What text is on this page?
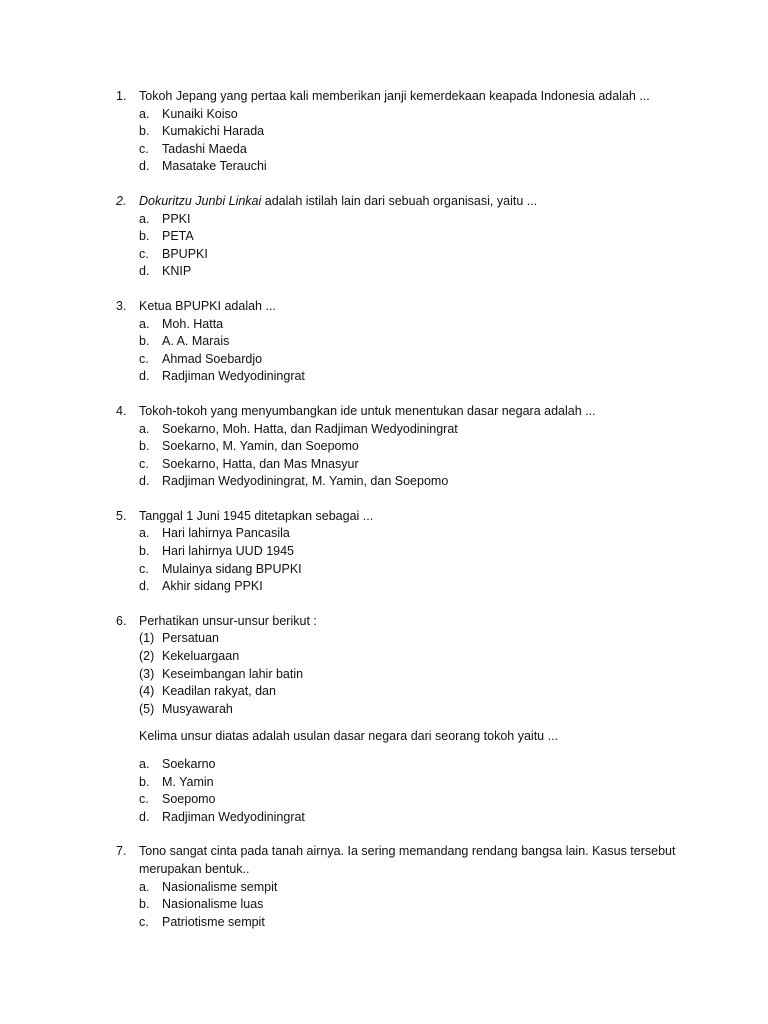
1.	Tokoh Jepang yang pertaa kali memberikan janji kemerdekaan keapada Indonesia adalah ...
a.	Kunaiki Koiso
b.	Kumakichi Harada
c.	Tadashi Maeda
d.	Masatake Terauchi
2.	Dokuritzu Junbi Linkai adalah istilah lain dari sebuah organisasi, yaitu ...
a.	PPKI
b.	PETA
c.	BPUPKI
d.	KNIP
3.	Ketua BPUPKI adalah ...
a.	Moh. Hatta
b.	A. A. Marais
c.	Ahmad Soebardjo
d.	Radjiman Wedyodiningrat
4.	Tokoh-tokoh yang menyumbangkan ide untuk menentukan dasar negara adalah ...
a.	Soekarno, Moh. Hatta, dan Radjiman Wedyodiningrat
b.	Soekarno, M. Yamin, dan Soepomo
c.	Soekarno, Hatta, dan Mas Mnasyur
d.	Radjiman Wedyodiningrat, M. Yamin, dan Soepomo
5.	Tanggal 1 Juni 1945 ditetapkan sebagai ...
a.	Hari lahirnya Pancasila
b.	Hari lahirnya UUD 1945
c.	Mulainya sidang BPUPKI
d.	Akhir sidang PPKI
6.	Perhatikan unsur-unsur berikut :
(1) Persatuan
(2) Kekeluargaan
(3) Keseimbangan lahir batin
(4) Keadilan rakyat, dan
(5) Musyawarah
Kelima unsur diatas adalah usulan dasar negara dari seorang tokoh yaitu ...
a.	Soekarno
b.	M. Yamin
c.	Soepomo
d.	Radjiman Wedyodiningrat
7.	Tono sangat cinta pada tanah airnya. Ia sering memandang rendang bangsa lain. Kasus tersebut merupakan bentuk..
a.	Nasionalisme sempit
b.	Nasionalisme luas
c.	Patriotisme sempit
